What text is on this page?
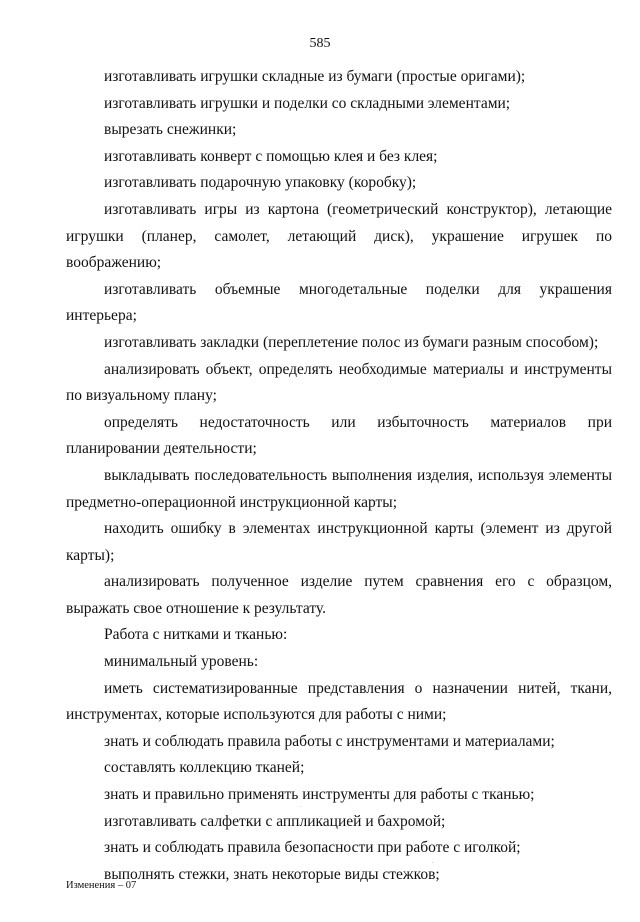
585

изготавливать игрушки складные из бумаги (простые оригами);

изготавливать игрушки и поделки со складными элементами;

вырезать снежинки;

изготавливать конверт с помощью клея и без клея;

изготавливать подарочную упаковку (коробку);

изготавливать игры из картона (геометрический конструктор), летающие игрушки (планер, самолет, летающий диск), украшение игрушек по воображению;

изготавливать объемные многодетальные поделки для украшения интерьера;

изготавливать закладки (переплетение полос из бумаги разным способом);

анализировать объект, определять необходимые материалы и инструменты по визуальному плану;

определять недостаточность или избыточность материалов при планировании деятельности;

выкладывать последовательность выполнения изделия, используя элементы предметно-операционной инструкционной карты;

находить ошибку в элементах инструкционной карты (элемент из другой карты);

анализировать полученное изделие путем сравнения его с образцом, выражать свое отношение к результату.

Работа с нитками и тканью:

минимальный уровень:

иметь систематизированные представления о назначении нитей, ткани, инструментах, которые используются для работы с ними;

знать и соблюдать правила работы с инструментами и материалами;

составлять коллекцию тканей;

знать и правильно применять инструменты для работы с тканью;

изготавливать салфетки с аппликацией и бахромой;

знать и соблюдать правила безопасности при работе с иголкой;

выполнять стежки, знать некоторые виды стежков;

Изменения – 07
